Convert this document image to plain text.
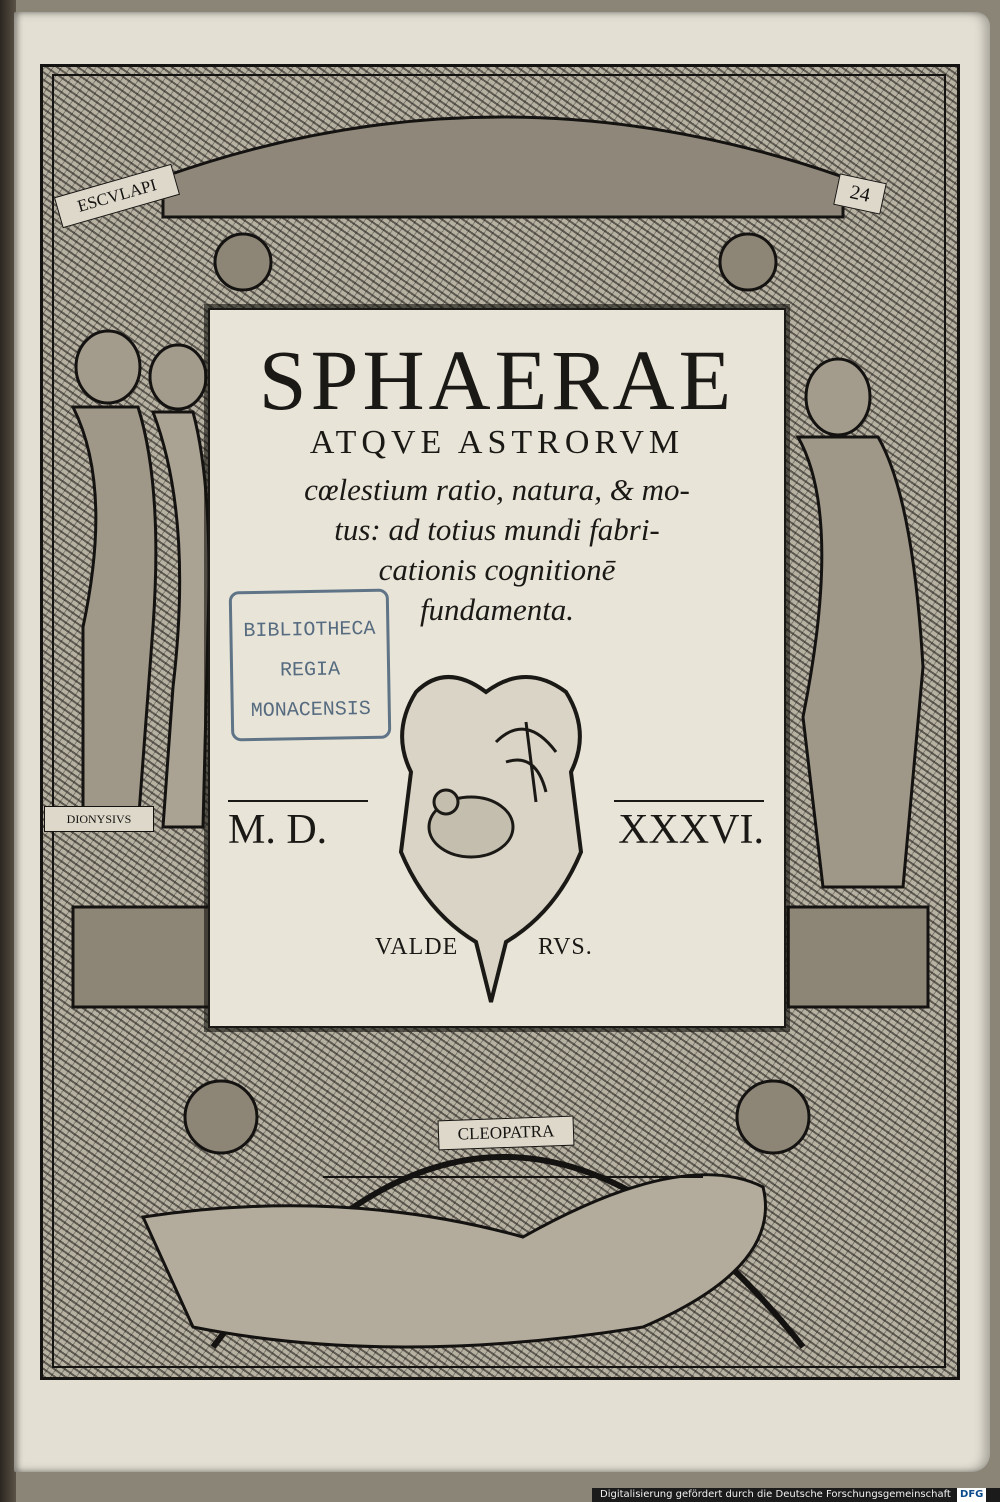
ESCVLAPI	24
DIONYSIVS
CLEOPATRA
SPHAERAE
ATQVE ASTRORVM
cœlestium ratio, natura, & mo-
tus: ad totius mundi fabri-
cationis cognitionē
fundamenta.
M. D.	XXXVI.
VALDE	RVS.
BIBLIOTHECA
REGIA
MONACENSIS
Digitalisierung gefördert durch die Deutsche Forschungsgemeinschaft DFG
